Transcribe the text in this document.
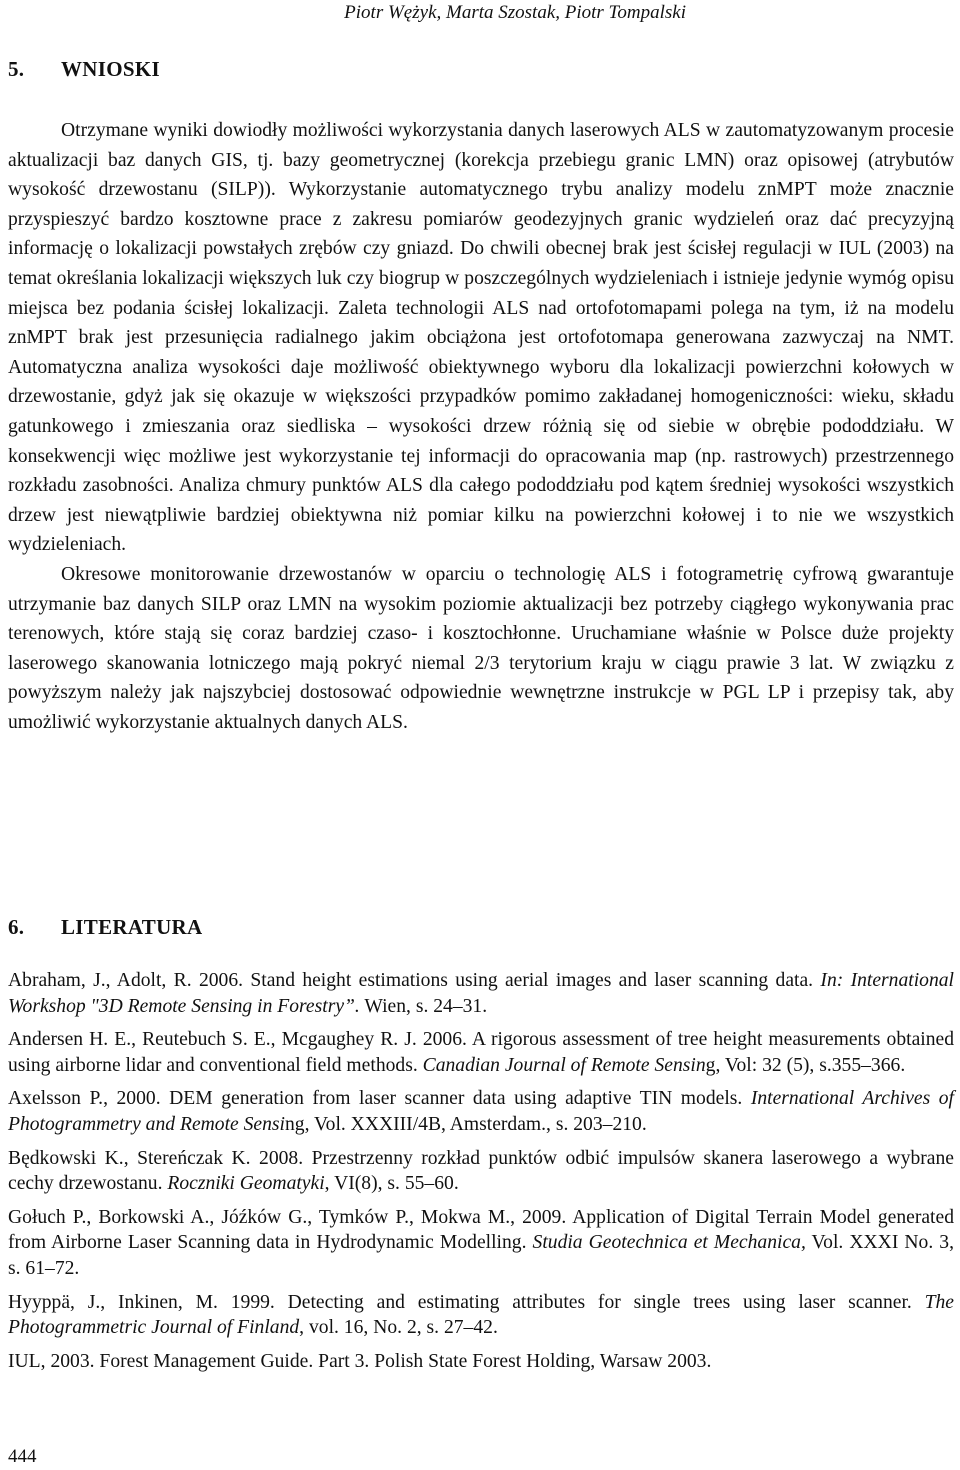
Piotr Wężyk, Marta Szostak, Piotr Tompalski
5. WNIOSKI

Otrzymane wyniki dowiodły możliwości wykorzystania danych laserowych ALS w zautomatyzowanym procesie aktualizacji baz danych GIS, tj. bazy geometrycznej (korekcja przebiegu granic LMN) oraz opisowej (atrybutów wysokość drzewostanu (SILP)). Wykorzystanie automatycznego trybu analizy modelu znMPT może znacznie przyspieszyć bardzo kosztowne prace z zakresu pomiarów geodezyjnych granic wydzieleń oraz dać precyzyjną informację o lokalizacji powstałych zrębów czy gniazd. Do chwili obecnej brak jest ścisłej regulacji w IUL (2003) na temat określania lokalizacji większych luk czy biogrup w poszczególnych wydzieleniach i istnieje jedynie wymóg opisu miejsca bez podania ścisłej lokalizacji. Zaleta technologii ALS nad ortofotomapami polega na tym, iż na modelu znMPT brak jest przesunięcia radialnego jakim obciążona jest ortofotomapa generowana zazwyczaj na NMT. Automatyczna analiza wysokości daje możliwość obiektywnego wyboru dla lokalizacji powierzchni kołowych w drzewostanie, gdyż jak się okazuje w większości przypadków pomimo zakładanej homogeniczności: wieku, składu gatunkowego i zmieszania oraz siedliska – wysokości drzew różnią się od siebie w obrębie pododdziału. W konsekwencji więc możliwe jest wykorzystanie tej informacji do opracowania map (np. rastrowych) przestrzennego rozkładu zasobności. Analiza chmury punktów ALS dla całego pododdziału pod kątem średniej wysokości wszystkich drzew jest niewątpliwie bardziej obiektywna niż pomiar kilku na powierzchni kołowej i to nie we wszystkich wydzieleniach.

Okresowe monitorowanie drzewostanów w oparciu o technologię ALS i fotogrametrię cyfrową gwarantuje utrzymanie baz danych SILP oraz LMN na wysokim poziomie aktualizacji bez potrzeby ciągłego wykonywania prac terenowych, które stają się coraz bardziej czaso- i kosztochłonne. Uruchamiane właśnie w Polsce duże projekty laserowego skanowania lotniczego mają pokryć niemal 2/3 terytorium kraju w ciągu prawie 3 lat. W związku z powyższym należy jak najszybciej dostosować odpowiednie wewnętrzne instrukcje w PGL LP i przepisy tak, aby umożliwić wykorzystanie aktualnych danych ALS.

6. LITERATURA

Abraham, J., Adolt, R. 2006. Stand height estimations using aerial images and laser scanning data. In: International Workshop "3D Remote Sensing in Forestry”. Wien, s. 24–31.

Andersen H. E., Reutebuch S. E., Mcgaughey R. J. 2006. A rigorous assessment of tree height measurements obtained using airborne lidar and conventional field methods. Canadian Journal of Remote Sensing, Vol: 32 (5), s.355–366.

Axelsson P., 2000. DEM generation from laser scanner data using adaptive TIN models. International Archives of Photogrammetry and Remote Sensing, Vol. XXXIII/4B, Amsterdam., s. 203–210.

Będkowski K., Stereńczak K. 2008. Przestrzenny rozkład punktów odbić impulsów skanera laserowego a wybrane cechy drzewostanu. Roczniki Geomatyki, VI(8), s. 55–60.

Gołuch P., Borkowski A., Jóźków G., Tymków P., Mokwa M., 2009. Application of Digital Terrain Model generated from Airborne Laser Scanning data in Hydrodynamic Modelling. Studia Geotechnica et Mechanica, Vol. XXXI No. 3, s. 61–72.

Hyyppä, J., Inkinen, M. 1999. Detecting and estimating attributes for single trees using laser scanner. The Photogrammetric Journal of Finland, vol. 16, No. 2, s. 27–42.

IUL, 2003. Forest Management Guide. Part 3. Polish State Forest Holding, Warsaw 2003.

444
